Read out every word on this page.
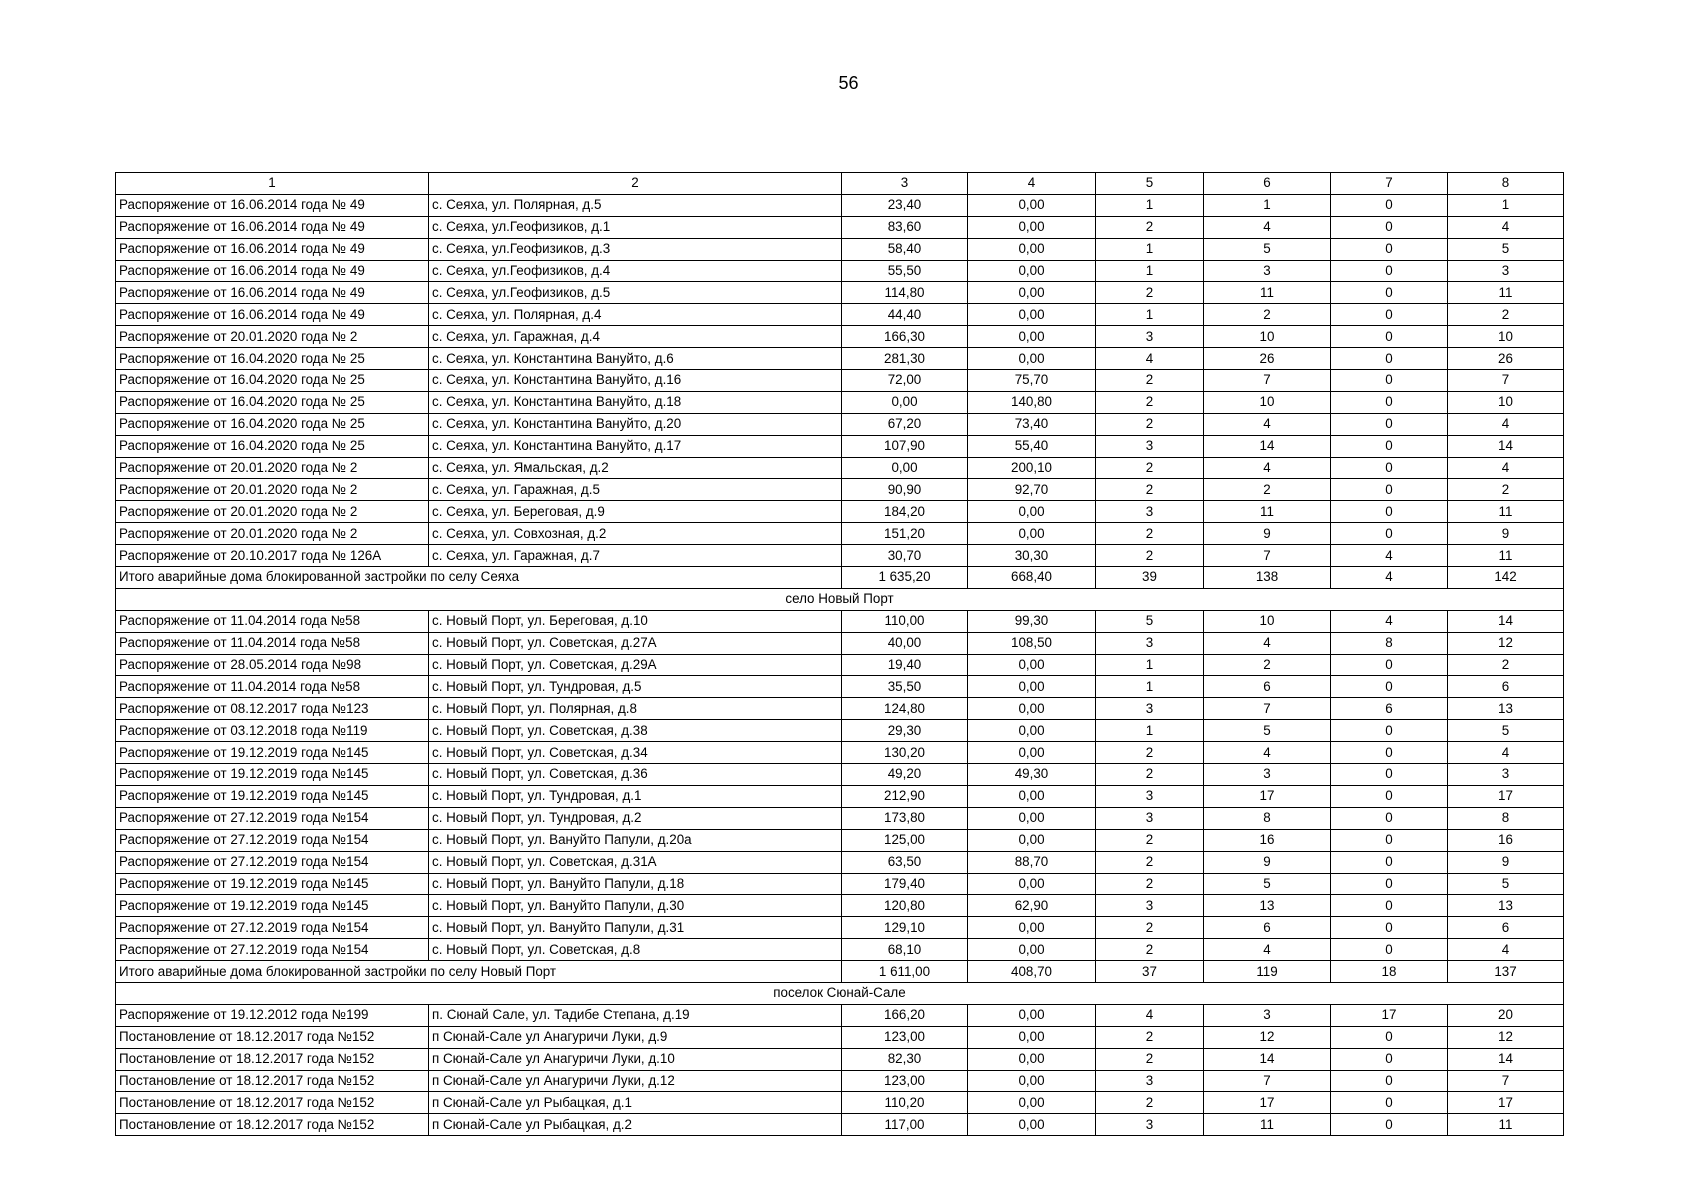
56
1	2	3	4	5	6	7	8
Распоряжение от 16.06.2014 года № 49	с. Сеяха, ул. Полярная, д.5	23,40	0,00	1	1	0	1
Распоряжение от 16.06.2014 года № 49	с. Сеяха, ул.Геофизиков, д.1	83,60	0,00	2	4	0	4
Распоряжение от 16.06.2014 года № 49	с. Сеяха, ул.Геофизиков, д.3	58,40	0,00	1	5	0	5
Распоряжение от 16.06.2014 года № 49	с. Сеяха, ул.Геофизиков, д.4	55,50	0,00	1	3	0	3
Распоряжение от 16.06.2014 года № 49	с. Сеяха, ул.Геофизиков, д.5	114,80	0,00	2	11	0	11
Распоряжение от 16.06.2014 года № 49	с. Сеяха, ул. Полярная, д.4	44,40	0,00	1	2	0	2
Распоряжение от 20.01.2020 года № 2	с. Сеяха, ул. Гаражная, д.4	166,30	0,00	3	10	0	10
Распоряжение от 16.04.2020 года № 25	с. Сеяха, ул. Константина Вануйто, д.6	281,30	0,00	4	26	0	26
Распоряжение от 16.04.2020 года № 25	с. Сеяха, ул. Константина Вануйто, д.16	72,00	75,70	2	7	0	7
Распоряжение от 16.04.2020 года № 25	с. Сеяха, ул. Константина Вануйто, д.18	0,00	140,80	2	10	0	10
Распоряжение от 16.04.2020 года № 25	с. Сеяха, ул. Константина Вануйто, д.20	67,20	73,40	2	4	0	4
Распоряжение от 16.04.2020 года № 25	с. Сеяха, ул. Константина Вануйто, д.17	107,90	55,40	3	14	0	14
Распоряжение от 20.01.2020 года № 2	с. Сеяха, ул. Ямальская, д.2	0,00	200,10	2	4	0	4
Распоряжение от 20.01.2020 года № 2	с. Сеяха, ул. Гаражная, д.5	90,90	92,70	2	2	0	2
Распоряжение от 20.01.2020 года № 2	с. Сеяха, ул. Береговая, д.9	184,20	0,00	3	11	0	11
Распоряжение от 20.01.2020 года № 2	с. Сеяха, ул. Совхозная, д.2	151,20	0,00	2	9	0	9
Распоряжение от 20.10.2017 года № 126А	с. Сеяха, ул. Гаражная, д.7	30,70	30,30	2	7	4	11
Итого аварийные дома блокированной застройки по селу Сеяха		1 635,20	668,40	39	138	4	142
село Новый Порт							
Распоряжение от 11.04.2014 года №58	с. Новый Порт, ул. Береговая, д.10	110,00	99,30	5	10	4	14
Распоряжение от 11.04.2014 года №58	с. Новый Порт, ул. Советская, д.27А	40,00	108,50	3	4	8	12
Распоряжение от 28.05.2014 года №98	с. Новый Порт, ул. Советская, д.29А	19,40	0,00	1	2	0	2
Распоряжение от 11.04.2014 года №58	с. Новый Порт, ул. Тундровая, д.5	35,50	0,00	1	6	0	6
Распоряжение от 08.12.2017 года №123	с. Новый Порт, ул. Полярная, д.8	124,80	0,00	3	7	6	13
Распоряжение от 03.12.2018 года №119	с. Новый Порт, ул. Советская, д.38	29,30	0,00	1	5	0	5
Распоряжение от 19.12.2019 года №145	с. Новый Порт, ул. Советская, д.34	130,20	0,00	2	4	0	4
Распоряжение от 19.12.2019 года №145	с. Новый Порт, ул. Советская, д.36	49,20	49,30	2	3	0	3
Распоряжение от 19.12.2019 года №145	с. Новый Порт, ул. Тундровая, д.1	212,90	0,00	3	17	0	17
Распоряжение от 27.12.2019 года №154	с. Новый Порт, ул. Тундровая, д.2	173,80	0,00	3	8	0	8
Распоряжение от 27.12.2019 года №154	с. Новый Порт, ул. Вануйто Папули, д.20а	125,00	0,00	2	16	0	16
Распоряжение от 27.12.2019 года №154	с. Новый Порт, ул. Советская, д.31А	63,50	88,70	2	9	0	9
Распоряжение от 19.12.2019 года №145	с. Новый Порт, ул. Вануйто Папули, д.18	179,40	0,00	2	5	0	5
Распоряжение от 19.12.2019 года №145	с. Новый Порт, ул. Вануйто Папули, д.30	120,80	62,90	3	13	0	13
Распоряжение от 27.12.2019 года №154	с. Новый Порт, ул. Вануйто Папули, д.31	129,10	0,00	2	6	0	6
Распоряжение от 27.12.2019 года №154	с. Новый Порт, ул. Советская, д.8	68,10	0,00	2	4	0	4
Итого аварийные дома блокированной застройки по селу Новый Порт		1 611,00	408,70	37	119	18	137
поселок Сюнай-Сале							
Распоряжение от 19.12.2012 года №199	п. Сюнай Сале, ул. Тадибе Степана, д.19	166,20	0,00	4	3	17	20
Постановление от 18.12.2017 года №152	п Сюнай-Сале ул Анагуричи Луки, д.9	123,00	0,00	2	12	0	12
Постановление от 18.12.2017 года №152	п Сюнай-Сале ул Анагуричи Луки, д.10	82,30	0,00	2	14	0	14
Постановление от 18.12.2017 года №152	п Сюнай-Сале ул Анагуричи Луки, д.12	123,00	0,00	3	7	0	7
Постановление от 18.12.2017 года №152	п Сюнай-Сале ул Рыбацкая, д.1	110,20	0,00	2	17	0	17
Постановление от 18.12.2017 года №152	п Сюнай-Сале ул Рыбацкая, д.2	117,00	0,00	3	11	0	11
